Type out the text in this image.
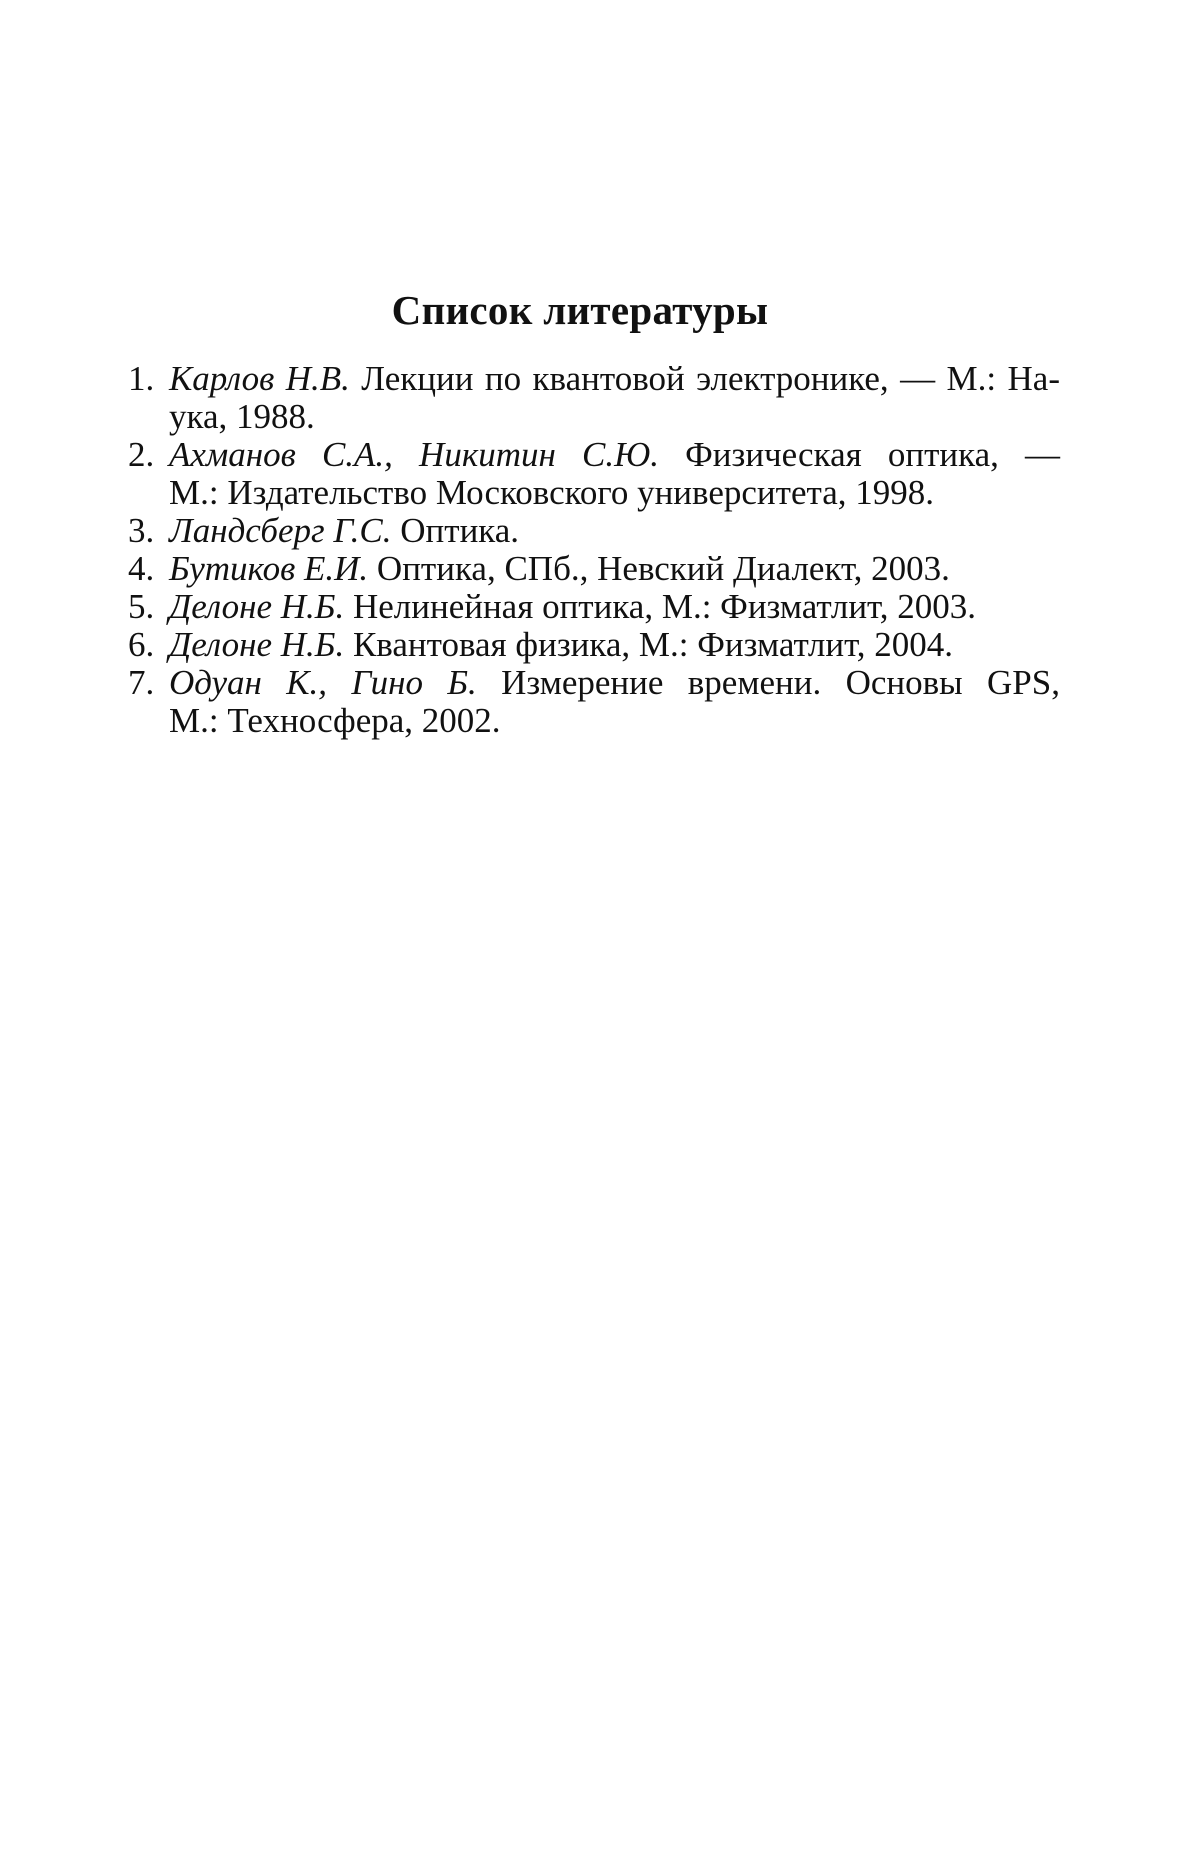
Список литературы
1. Карлов Н.В. Лекции по квантовой электронике, — М.: На-
ука, 1988.
2. Ахманов С.А., Никитин С.Ю. Физическая оптика, —
М.: Издательство Московского университета, 1998.
3. Ландсберг Г.С. Оптика.
4. Бутиков Е.И. Оптика, СПб., Невский Диалект, 2003.
5. Делоне Н.Б. Нелинейная оптика, М.: Физматлит, 2003.
6. Делоне Н.Б. Квантовая физика, М.: Физматлит, 2004.
7. Одуан К., Гино Б. Измерение времени. Основы GPS,
М.: Техносфера, 2002.
